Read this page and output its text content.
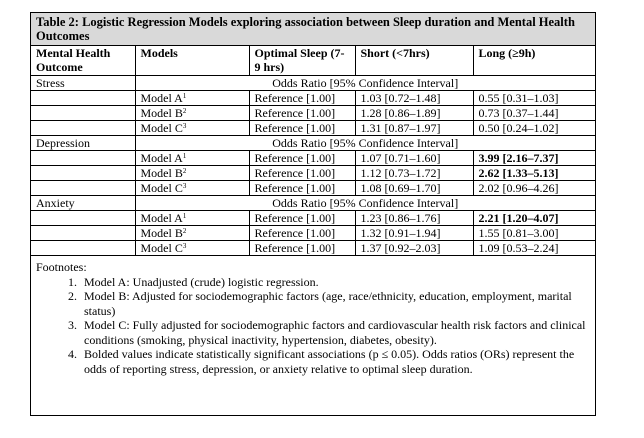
Table 2: Logistic Regression Models exploring association between Sleep duration and Mental Health Outcomes
Mental Health Outcome	Models	Optimal Sleep (7-9 hrs)	Short (<7hrs)	Long (≥9h)
Stress	Odds Ratio [95% Confidence Interval]			
	Model $A^1$	Reference [1.00]	1.03 [0.72–1.48]	0.55 [0.31–1.03]
	Model $B^2$	Reference [1.00]	1.28 [0.86–1.89]	0.73 [0.37–1.44]
	Model $C^3$	Reference [1.00]	1.31 [0.87–1.97]	0.50 [0.24–1.02]
Depression	Odds Ratio [95% Confidence Interval]			
	Model $A^1$	Reference [1.00]	1.07 [0.71–1.60]	3.99 [2.16–7.37]
	Model $B^2$	Reference [1.00]	1.12 [0.73–1.72]	2.62 [1.33–5.13]
	Model $C^3$	Reference [1.00]	1.08 [0.69–1.70]	2.02 [0.96–4.26]
Anxiety	Odds Ratio [95% Confidence Interval]			
	Model $A^1$	Reference [1.00]	1.23 [0.86–1.76]	2.21 [1.20–4.07]
	Model $B^2$	Reference [1.00]	1.32 [0.91–1.94]	1.55 [0.81–3.00]
	Model $C^3$	Reference [1.00]	1.37 [0.92–2.03]	1.09 [0.53–2.24]
Footnotes:
1. Model A: Unadjusted (crude) logistic regression.
2. Model B: Adjusted for sociodemographic factors (age, race/ethnicity, education, employment, marital status)
3. Model C: Fully adjusted for sociodemographic factors and cardiovascular health risk factors and clinical conditions (smoking, physical inactivity, hypertension, diabetes, obesity).
4. Bolded values indicate statistically significant associations (p ≤ 0.05). Odds ratios (ORs) represent the odds of reporting stress, depression, or anxiety relative to optimal sleep duration.
